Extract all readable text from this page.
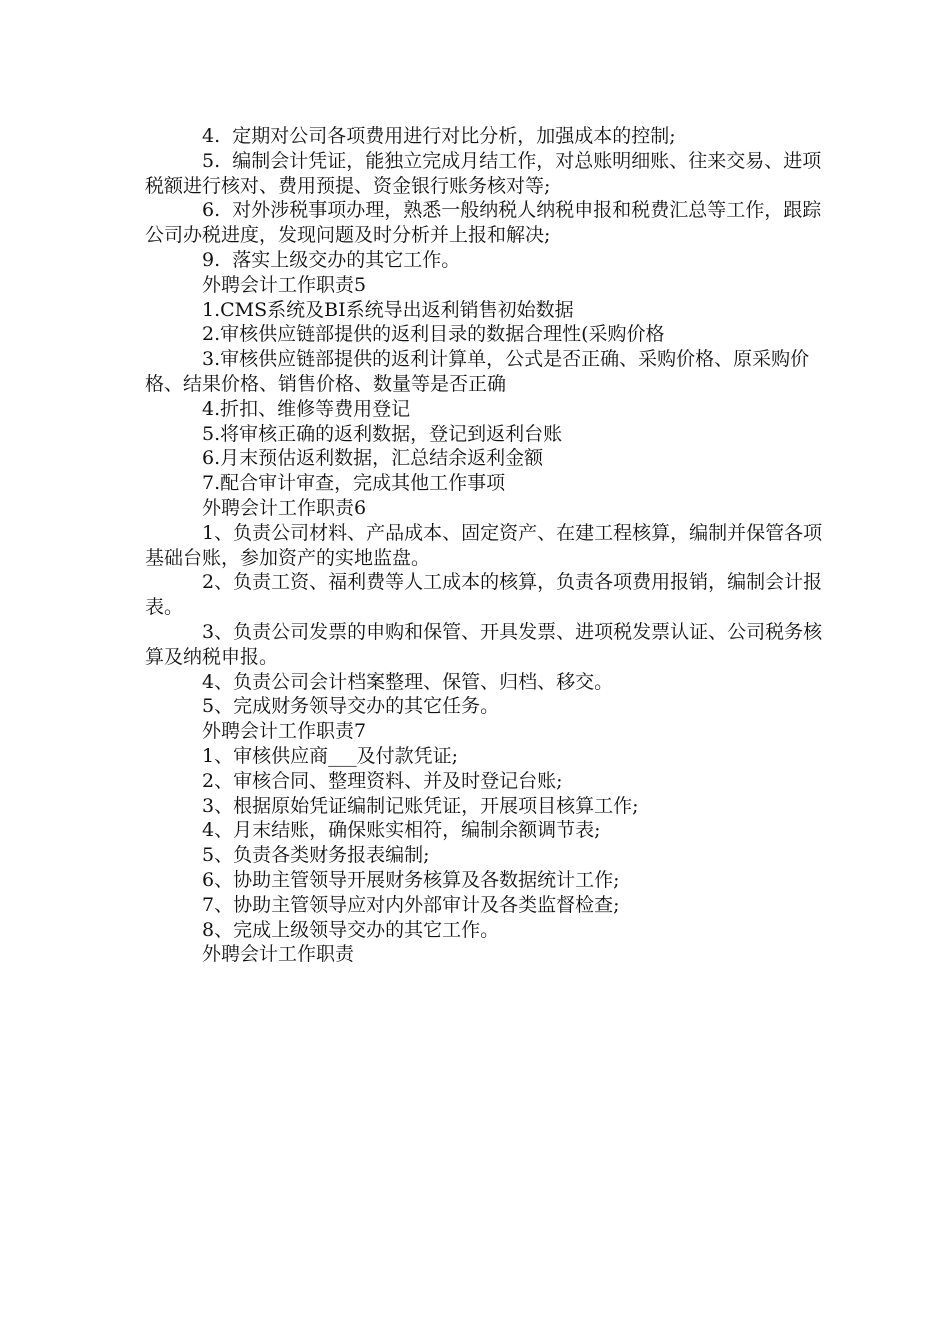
4.  定期对公司各项费用进行对比分析，加强成本的控制;

5.  编制会计凭证，能独立完成月结工作，对总账明细账、往来交易、进项税额进行核对、费用预提、资金银行账务核对等;

6.  对外涉税事项办理，熟悉一般纳税人纳税申报和税费汇总等工作，跟踪公司办税进度，发现问题及时分析并上报和解决;

9.  落实上级交办的其它工作。

外聘会计工作职责5

1.CMS系统及BI系统导出返利销售初始数据

2.审核供应链部提供的返利目录的数据合理性(采购价格

3.审核供应链部提供的返利计算单，公式是否正确、采购价格、原采购价格、结果价格、销售价格、数量等是否正确

4.折扣、维修等费用登记

5.将审核正确的返利数据，登记到返利台账

6.月末预估返利数据，汇总结余返利金额

7.配合审计审查，完成其他工作事项

外聘会计工作职责6

1、负责公司材料、产品成本、固定资产、在建工程核算，编制并保管各项基础台账，参加资产的实地监盘。

2、负责工资、福利费等人工成本的核算，负责各项费用报销，编制会计报表。

3、负责公司发票的申购和保管、开具发票、进项税发票认证、公司税务核算及纳税申报。

4、负责公司会计档案整理、保管、归档、移交。

5、完成财务领导交办的其它任务。

外聘会计工作职责7

1、审核供应商___及付款凭证;

2、审核合同、整理资料、并及时登记台账;

3、根据原始凭证编制记账凭证，开展项目核算工作;

4、月末结账，确保账实相符，编制余额调节表;

5、负责各类财务报表编制;

6、协助主管领导开展财务核算及各数据统计工作;

7、协助主管领导应对内外部审计及各类监督检查;

8、完成上级领导交办的其它工作。

外聘会计工作职责
